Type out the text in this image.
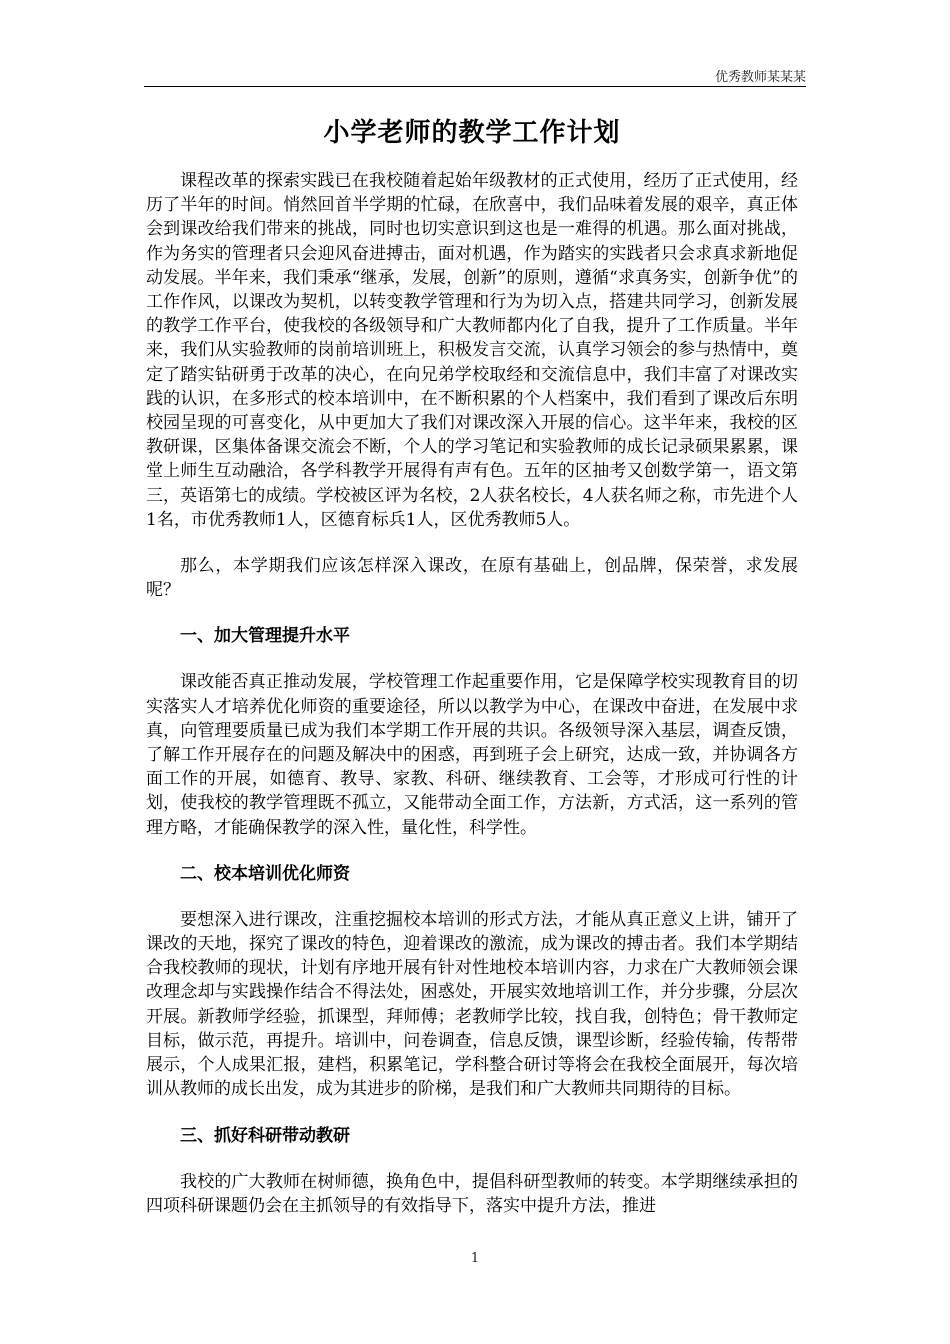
优秀教师某某某
小学老师的教学工作计划

课程改革的探索实践已在我校随着起始年级教材的正式使用，经历了正式使用，经历了半年的时间。悄然回首半学期的忙碌，在欣喜中，我们品味着发展的艰辛，真正体会到课改给我们带来的挑战，同时也切实意识到这也是一难得的机遇。那么面对挑战，作为务实的管理者只会迎风奋进搏击，面对机遇，作为踏实的实践者只会求真求新地促动发展。半年来，我们秉承“继承，发展，创新”的原则，遵循“求真务实，创新争优”的工作作风，以课改为契机，以转变教学管理和行为为切入点，搭建共同学习，创新发展的教学工作平台，使我校的各级领导和广大教师都内化了自我，提升了工作质量。半年来，我们从实验教师的岗前培训班上，积极发言交流，认真学习领会的参与热情中，奠定了踏实钻研勇于改革的决心，在向兄弟学校取经和交流信息中，我们丰富了对课改实践的认识，在多形式的校本培训中，在不断积累的个人档案中，我们看到了课改后东明校园呈现的可喜变化，从中更加大了我们对课改深入开展的信心。这半年来，我校的区教研课，区集体备课交流会不断，个人的学习笔记和实验教师的成长记录硕果累累，课堂上师生互动融洽，各学科教学开展得有声有色。五年的区抽考又创数学第一，语文第三，英语第七的成绩。学校被区评为名校，2人获名校长，4人获名师之称，市先进个人1名，市优秀教师1人，区德育标兵1人，区优秀教师5人。

那么，本学期我们应该怎样深入课改，在原有基础上，创品牌，保荣誉，求发展呢？

一、加大管理提升水平

课改能否真正推动发展，学校管理工作起重要作用，它是保障学校实现教育目的切实落实人才培养优化师资的重要途径，所以以教学为中心，在课改中奋进，在发展中求真，向管理要质量已成为我们本学期工作开展的共识。各级领导深入基层，调查反馈，了解工作开展存在的问题及解决中的困惑，再到班子会上研究，达成一致，并协调各方面工作的开展，如德育、教导、家教、科研、继续教育、工会等，才形成可行性的计划，使我校的教学管理既不孤立，又能带动全面工作，方法新，方式活，这一系列的管理方略，才能确保教学的深入性，量化性，科学性。

二、校本培训优化师资

要想深入进行课改，注重挖掘校本培训的形式方法，才能从真正意义上讲，铺开了课改的天地，探究了课改的特色，迎着课改的激流，成为课改的搏击者。我们本学期结合我校教师的现状，计划有序地开展有针对性地校本培训内容，力求在广大教师领会课改理念却与实践操作结合不得法处，困惑处，开展实效地培训工作，并分步骤，分层次开展。新教师学经验，抓课型，拜师傅；老教师学比较，找自我，创特色；骨干教师定目标，做示范，再提升。培训中，问卷调查，信息反馈，课型诊断，经验传输，传帮带展示，个人成果汇报，建档，积累笔记，学科整合研讨等将会在我校全面展开，每次培训从教师的成长出发，成为其进步的阶梯，是我们和广大教师共同期待的目标。

三、抓好科研带动教研

我校的广大教师在树师德，换角色中，提倡科研型教师的转变。本学期继续承担的四项科研课题仍会在主抓领导的有效指导下，落实中提升方法，推进

1
